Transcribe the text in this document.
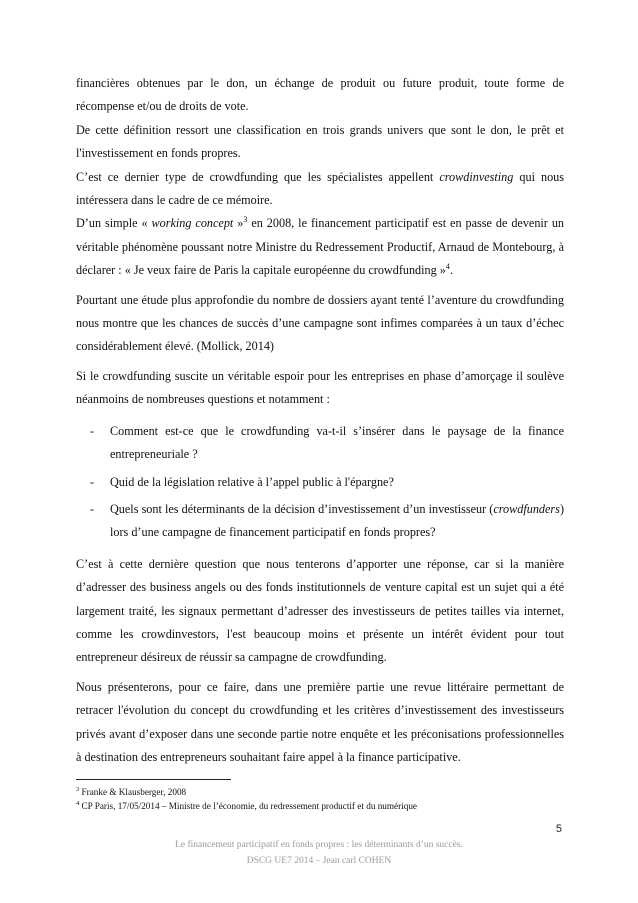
financières obtenues par le don, un échange de produit ou future produit, toute forme de récompense et/ou de droits de vote.

De cette définition ressort une classification en trois grands univers que sont le don, le prêt et l'investissement en fonds propres.

C’est ce dernier type de crowdfunding que les spécialistes appellent crowdinvesting qui nous intéressera dans le cadre de ce mémoire.

D’un simple « working concept »$^3$ en 2008, le financement participatif est en passe de devenir un véritable phénomène poussant notre Ministre du Redressement Productif, Arnaud de Montebourg, à déclarer : « Je veux faire de Paris la capitale européenne du crowdfunding »$^4$.

Pourtant une étude plus approfondie du nombre de dossiers ayant tenté l’aventure du crowdfunding nous montre que les chances de succès d’une campagne sont infimes comparées à un taux d’échec considérablement élevé. (Mollick, 2014)

Si le crowdfunding suscite un véritable espoir pour les entreprises en phase d’amorçage il soulève néanmoins de nombreuses questions et notamment :

- Comment est-ce que le crowdfunding va-t-il s’insérer dans le paysage de la finance entrepreneuriale ?
- Quid de la législation relative à l’appel public à l'épargne?
- Quels sont les déterminants de la décision d’investissement d’un investisseur (crowdfunders) lors d’une campagne de financement participatif en fonds propres?

C’est à cette dernière question que nous tenterons d’apporter une réponse, car si la manière d’adresser des business angels ou des fonds institutionnels de venture capital est un sujet qui a été largement traité, les signaux permettant d’adresser des investisseurs de petites tailles via internet, comme les crowdinvestors, l'est beaucoup moins et présente un intérêt évident pour tout entrepreneur désireux de réussir sa campagne de crowdfunding.

Nous présenterons, pour ce faire, dans une première partie une revue littéraire permettant de retracer l'évolution du concept du crowdfunding et les critères d’investissement des investisseurs privés avant d’exposer dans une seconde partie notre enquête et les préconisations professionnelles à destination des entrepreneurs souhaitant faire appel à la finance participative.

$^3$ Franke & Klausberger, 2008

$^4$ CP Paris, 17/05/2014 – Ministre de l’économie, du redressement productif et du numérique

5
Le financement participatif en fonds propres : les déterminants d’un succès.
DSCG UE7 2014 – Jean carl COHEN
